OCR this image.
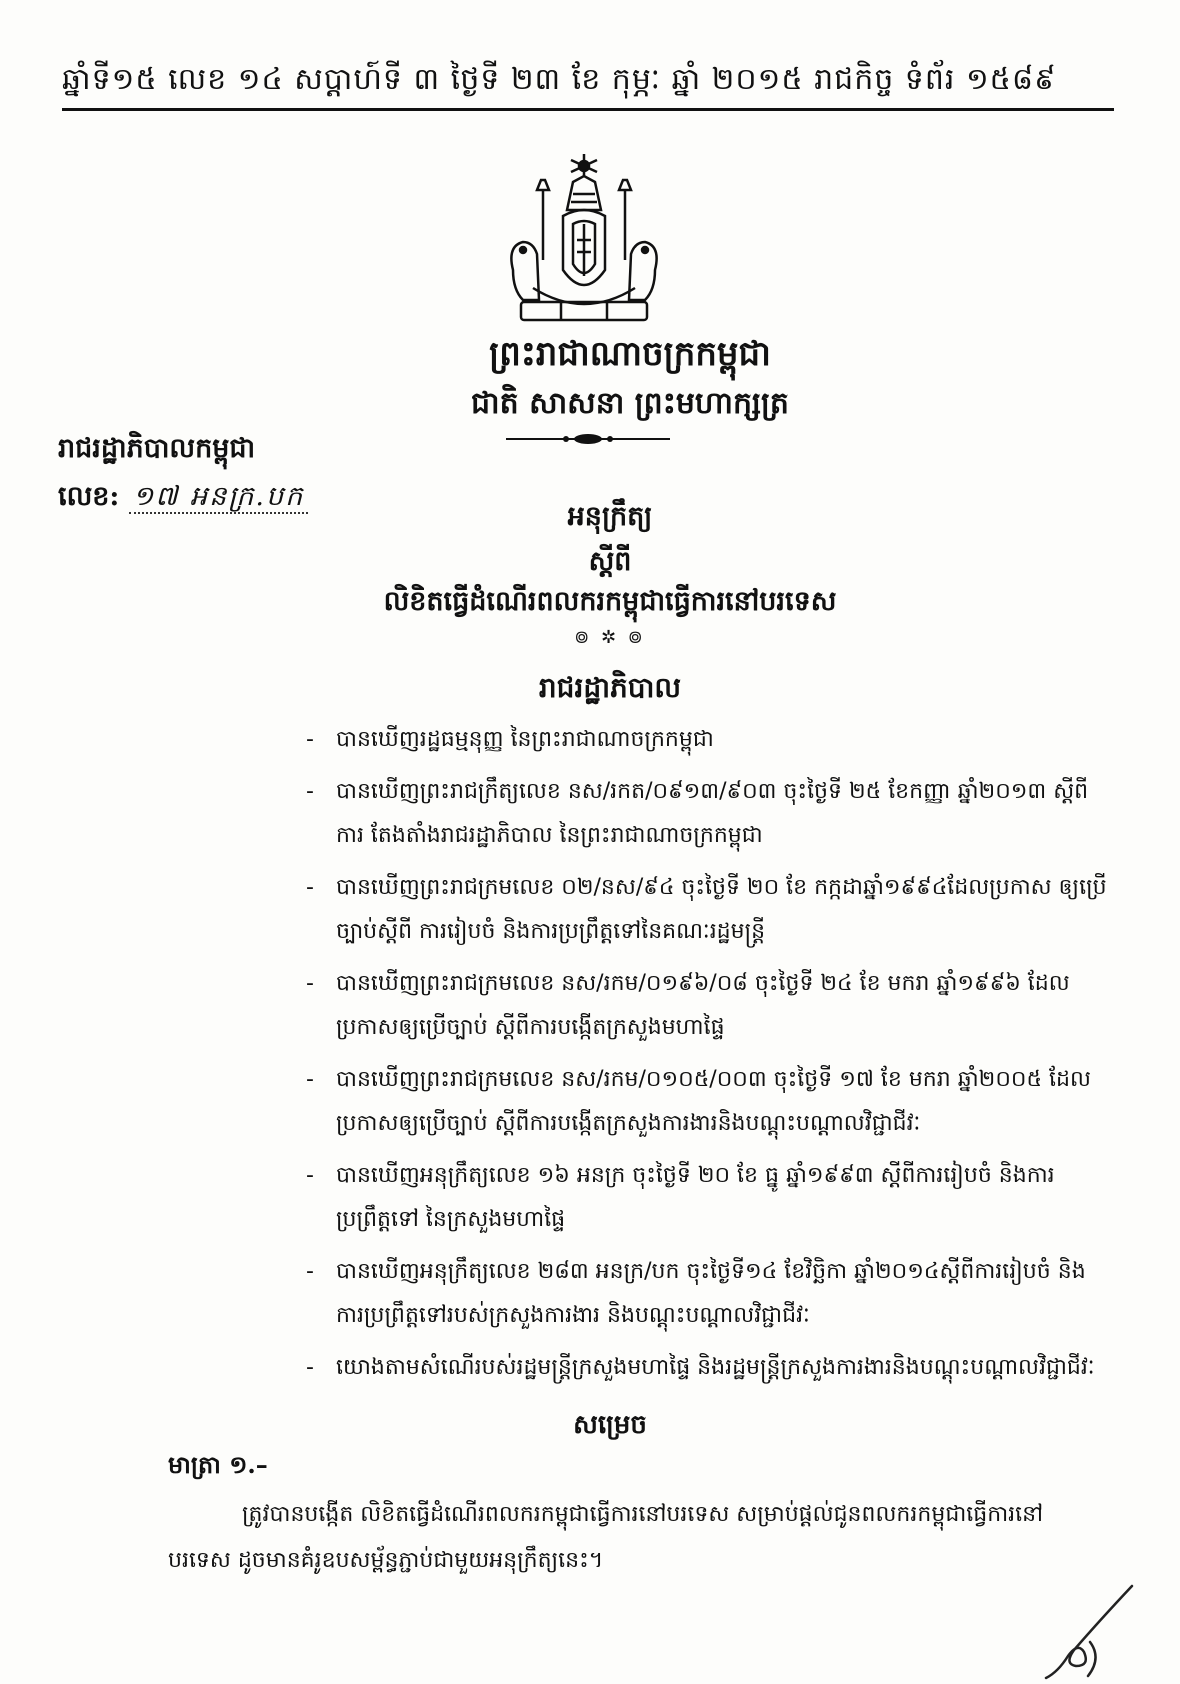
ឆ្នាំទី១៥ លេខ ១៤ សប្តាហ៍ទី ៣ ថ្ងៃទី ២៣ ខែ កុម្ភៈ ឆ្នាំ ២០១៥ រាជកិច្ច ទំព័រ ១៥៨៩
ព្រះរាជាណាចក្រកម្ពុជា
ជាតិ សាសនា ព្រះមហាក្សត្រ
រាជរដ្ឋាភិបាលកម្ពុជា
លេខ: ១៧ អនក្រ.បក
អនុក្រឹត្យ
ស្តីពី
លិខិតធ្វើដំណើរពលករកម្ពុជាធ្វើការនៅបរទេស
៙ ✲ ៙
រាជរដ្ឋាភិបាល
- បានឃើញរដ្ឋធម្មនុញ្ញ នៃព្រះរាជាណាចក្រកម្ពុជា
- បានឃើញព្រះរាជក្រឹត្យលេខ នស/រកត/០៩១៣/៩០៣ ចុះថ្ងៃទី ២៥ ខែកញ្ញា ឆ្នាំ២០១៣ ស្តីពីការ តែងតាំងរាជរដ្ឋាភិបាល នៃព្រះរាជាណាចក្រកម្ពុជា
- បានឃើញព្រះរាជក្រមលេខ ០២/នស/៩៤ ចុះថ្ងៃទី ២០ ខែ កក្កដាឆ្នាំ១៩៩៤ដែលប្រកាស ឲ្យប្រើច្បាប់ស្តីពី ការរៀបចំ និងការប្រព្រឹត្តទៅនៃគណៈរដ្ឋមន្ត្រី
- បានឃើញព្រះរាជក្រមលេខ នស/រកម/០១៩៦/០៨ ចុះថ្ងៃទី ២៤ ខែ មករា ឆ្នាំ១៩៩៦ ដែល ប្រកាសឲ្យប្រើច្បាប់ ស្តីពីការបង្កើតក្រសួងមហាផ្ទៃ
- បានឃើញព្រះរាជក្រមលេខ នស/រកម/០១០៥/០០៣ ចុះថ្ងៃទី ១៧ ខែ មករា ឆ្នាំ២០០៥ ដែលប្រកាសឲ្យប្រើច្បាប់ ស្តីពីការបង្កើតក្រសួងការងារនិងបណ្តុះបណ្តាលវិជ្ជាជីវៈ
- បានឃើញអនុក្រឹត្យលេខ ១៦ អនក្រ ចុះថ្ងៃទី ២០ ខែ ធ្នូ ឆ្នាំ១៩៩៣ ស្តីពីការរៀបចំ និងការ ប្រព្រឹត្តទៅ នៃក្រសួងមហាផ្ទៃ
- បានឃើញអនុក្រឹត្យលេខ ២៨៣ អនក្រ/បក ចុះថ្ងៃទី១៤ ខែវិច្ឆិកា ឆ្នាំ២០១៤ស្តីពីការរៀបចំ និងការប្រព្រឹត្តទៅរបស់ក្រសួងការងារ និងបណ្តុះបណ្តាលវិជ្ជាជីវៈ
- យោងតាមសំណើរបស់រដ្ឋមន្ត្រីក្រសួងមហាផ្ទៃ និងរដ្ឋមន្ត្រីក្រសួងការងារនិងបណ្តុះបណ្តាលវិជ្ជាជីវៈ
សម្រេច
មាត្រា ១.–
ត្រូវបានបង្កើត លិខិតធ្វើដំណើរពលករកម្ពុជាធ្វើការនៅបរទេស សម្រាប់ផ្តល់ជូនពលករកម្ពុជាធ្វើការនៅ បរទេស ដូចមានគំរូឧបសម្ព័ន្ធភ្ជាប់ជាមួយអនុក្រឹត្យនេះ។
